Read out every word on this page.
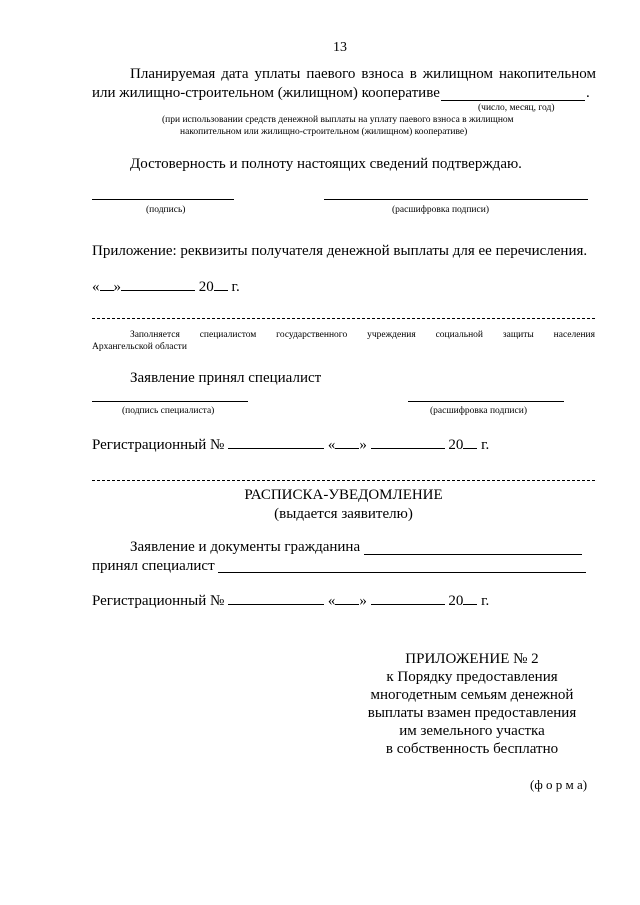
13
Планируемая дата уплаты паевого взноса в жилищном накопительном
или жилищно-строительном (жилищном) кооперативе	.
(число, месяц, год)
(при использовании средств денежной выплаты на уплату паевого взноса в жилищном
накопительном или жилищно-строительном (жилищном) кооперативе)
Достоверность и полноту настоящих сведений подтверждаю.
(подпись)	(расшифровка подписи)
Приложение: реквизиты получателя денежной выплаты для ее перечисления.
« »	20 г.
Заполняется специалистом государственного учреждения социальной защиты населения
Архангельской области
Заявление принял специалист
(подпись специалиста)	(расшифровка подписи)
Регистрационный №	« »	20 г.
РАСПИСКА-УВЕДОМЛЕНИЕ
(выдается заявителю)
Заявление и документы гражданина
принял специалист
Регистрационный №	« »	20 г.
ПРИЛОЖЕНИЕ № 2
к Порядку предоставления
многодетным семьям денежной
выплаты взамен предоставления
им земельного участка
в собственность бесплатно
(ф о р м а)
